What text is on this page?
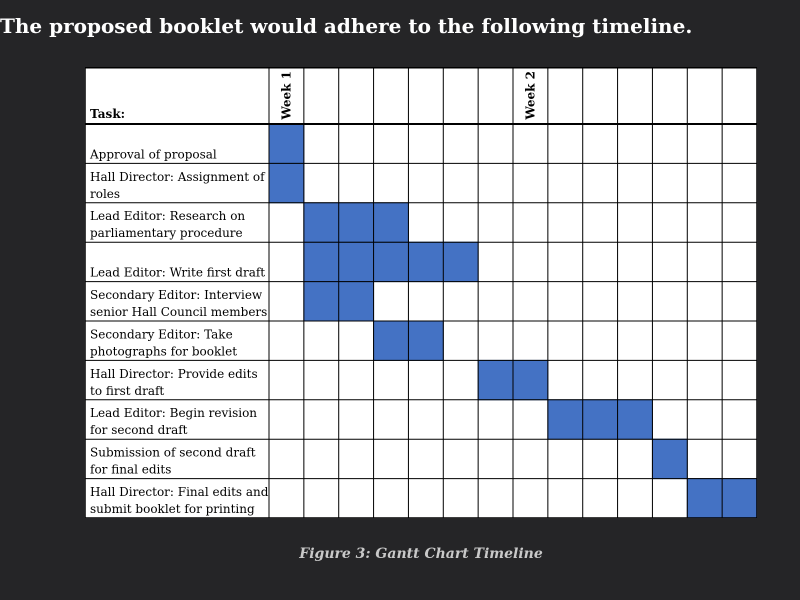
The proposed booklet would adhere to the following timeline.
Task:	Week 1	Week 2
Approval of proposal
Hall Director: Assignment of
roles
Lead Editor: Research on
parliamentary procedure
Lead Editor: Write first draft
Secondary Editor: Interview
senior Hall Council members
Secondary Editor: Take
photographs for booklet
Hall Director: Provide edits
to first draft
Lead Editor: Begin revision
for second draft
Submission of second draft
for final edits
Hall Director: Final edits and
submit booklet for printing
Figure 3: Gantt Chart Timeline
